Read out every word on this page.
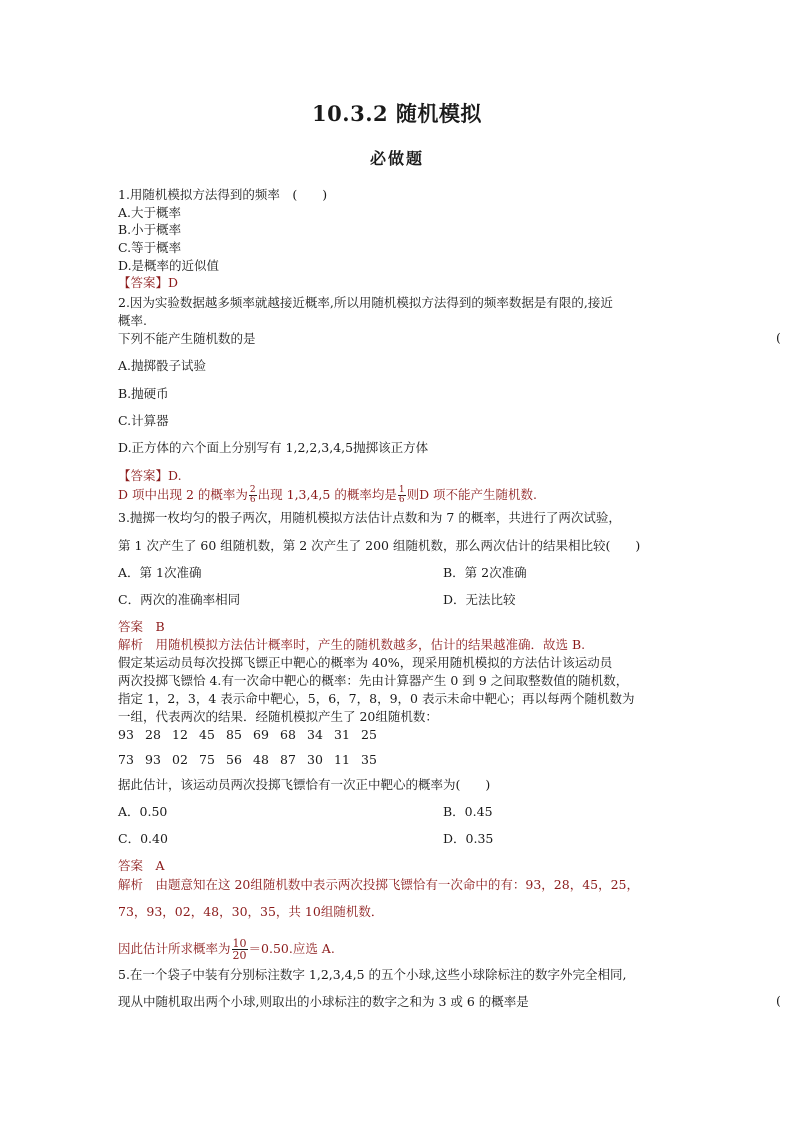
10.3.2 随机模拟
必做题
1.用随机模拟方法得到的频率　(　　)
A.大于概率
B.小于概率
C.等于概率
D.是概率的近似值
【答案】D
2.因为实验数据越多频率就越接近概率,所以用随机模拟方法得到的频率数据是有限的,接近
概率.
下列不能产生随机数的是	(
A.抛掷骰子试验
B.抛硬币
C.计算器
D.正方体的六个面上分别写有 1,2,2,3,4,5抛掷该正方体
【答案】D.
D 项中出现 2 的概率为 $\frac{2}{6}$ 出现 1,3,4,5 的概率均是 $\frac{1}{6}$ 则D 项不能产生随机数.
3.抛掷一枚均匀的骰子两次，用随机模拟方法估计点数和为 7 的概率，共进行了两次试验，
第 1 次产生了 60 组随机数，第 2 次产生了 200 组随机数，那么两次估计的结果相比较(　　)
A．第 1次准确	B．第 2次准确
C．两次的准确率相同	D．无法比较
答案　B
解析　用随机模拟方法估计概率时，产生的随机数越多，估计的结果越准确．故选 B.
假定某运动员每次投掷飞镖正中靶心的概率为 40%，现采用随机模拟的方法估计该运动员
两次投掷飞镖恰 4.有一次命中靶心的概率：先由计算器产生 0 到 9 之间取整数值的随机数，
指定 1，2，3，4 表示命中靶心，5，6，7，8，9，0 表示未命中靶心；再以每两个随机数为
一组，代表两次的结果．经随机模拟产生了 20组随机数：
93 28 12 45 85 69 68 34 31 25
73 93 02 75 56 48 87 30 11 35
据此估计，该运动员两次投掷飞镖恰有一次正中靶心的概率为(　　)
A．0.50	B．0.45
C．0.40	D．0.35
答案　A
解析　由题意知在这 20组随机数中表示两次投掷飞镖恰有一次命中的有：93，28，45，25，
73，93，02，48，30，35，共 10组随机数．
因此估计所求概率为 $\frac{10}{20} =0.50$.应选 A.
5.在一个袋子中装有分别标注数字 1,2,3,4,5 的五个小球,这些小球除标注的数字外完全相同,
现从中随机取出两个小球,则取出的小球标注的数字之和为 3 或 6 的概率是	(
